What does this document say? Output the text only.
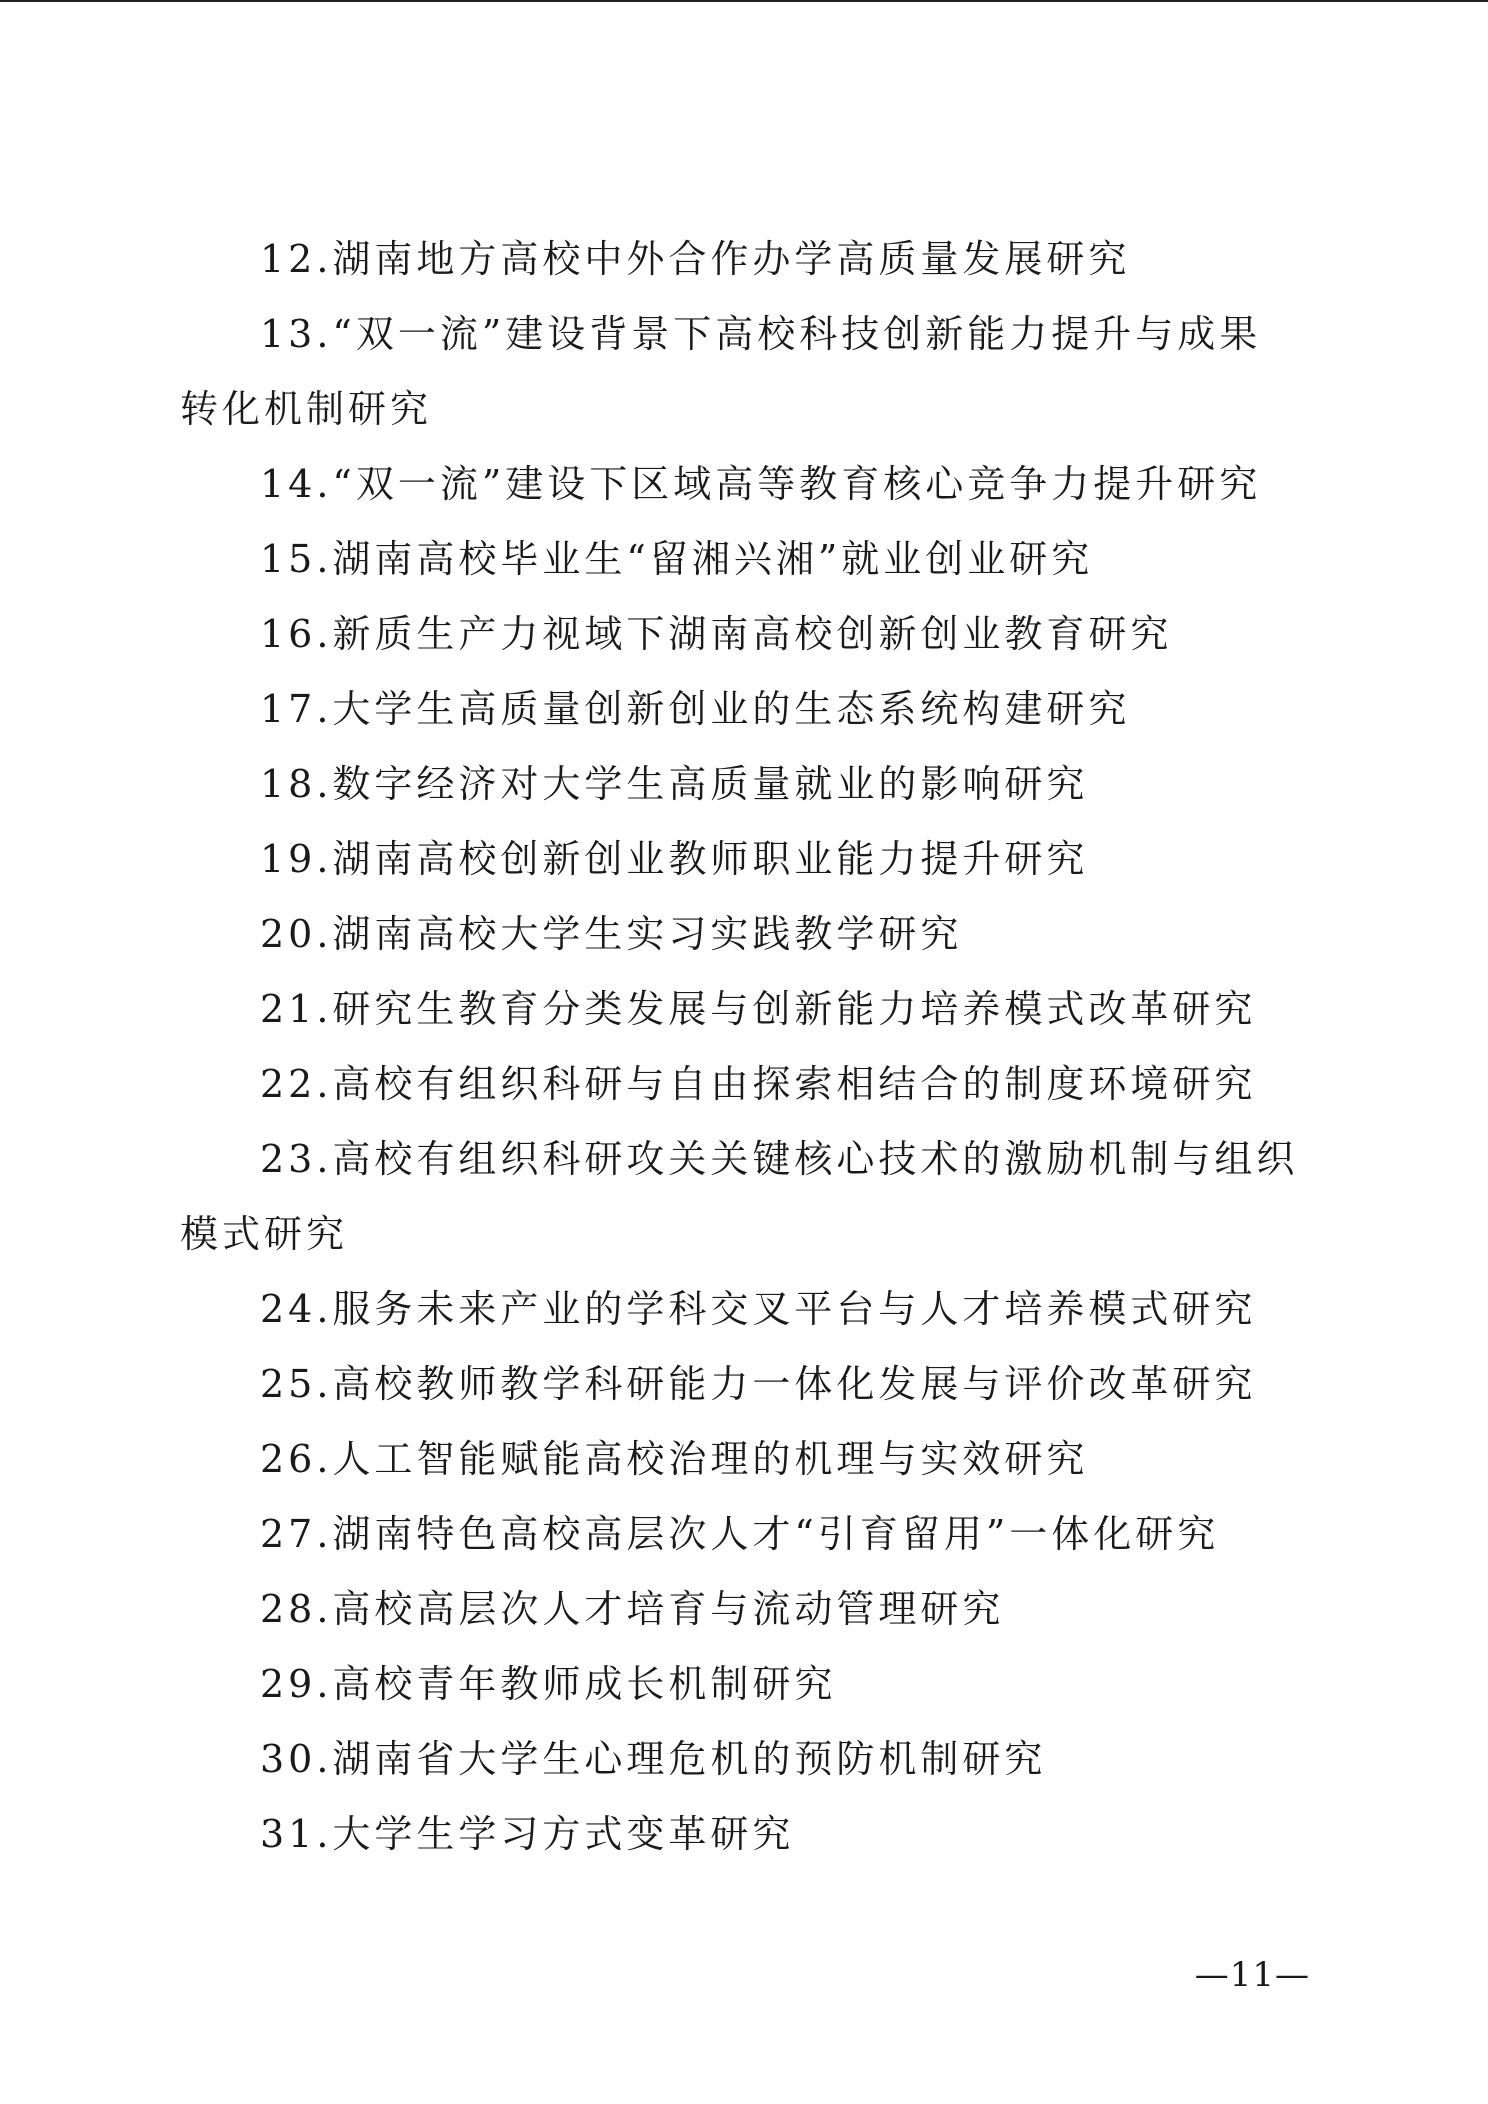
12.湖南地方高校中外合作办学高质量发展研究

13.“双一流”建设背景下高校科技创新能力提升与成果转化机制研究

14.“双一流”建设下区域高等教育核心竞争力提升研究

15.湖南高校毕业生“留湘兴湘”就业创业研究

16.新质生产力视域下湖南高校创新创业教育研究

17.大学生高质量创新创业的生态系统构建研究

18.数字经济对大学生高质量就业的影响研究

19.湖南高校创新创业教师职业能力提升研究

20.湖南高校大学生实习实践教学研究

21.研究生教育分类发展与创新能力培养模式改革研究

22.高校有组织科研与自由探索相结合的制度环境研究

23.高校有组织科研攻关关键核心技术的激励机制与组织模式研究

24.服务未来产业的学科交叉平台与人才培养模式研究

25.高校教师教学科研能力一体化发展与评价改革研究

26.人工智能赋能高校治理的机理与实效研究

27.湖南特色高校高层次人才“引育留用”一体化研究

28.高校高层次人才培育与流动管理研究

29.高校青年教师成长机制研究

30.湖南省大学生心理危机的预防机制研究

31.大学生学习方式变革研究

—11—
